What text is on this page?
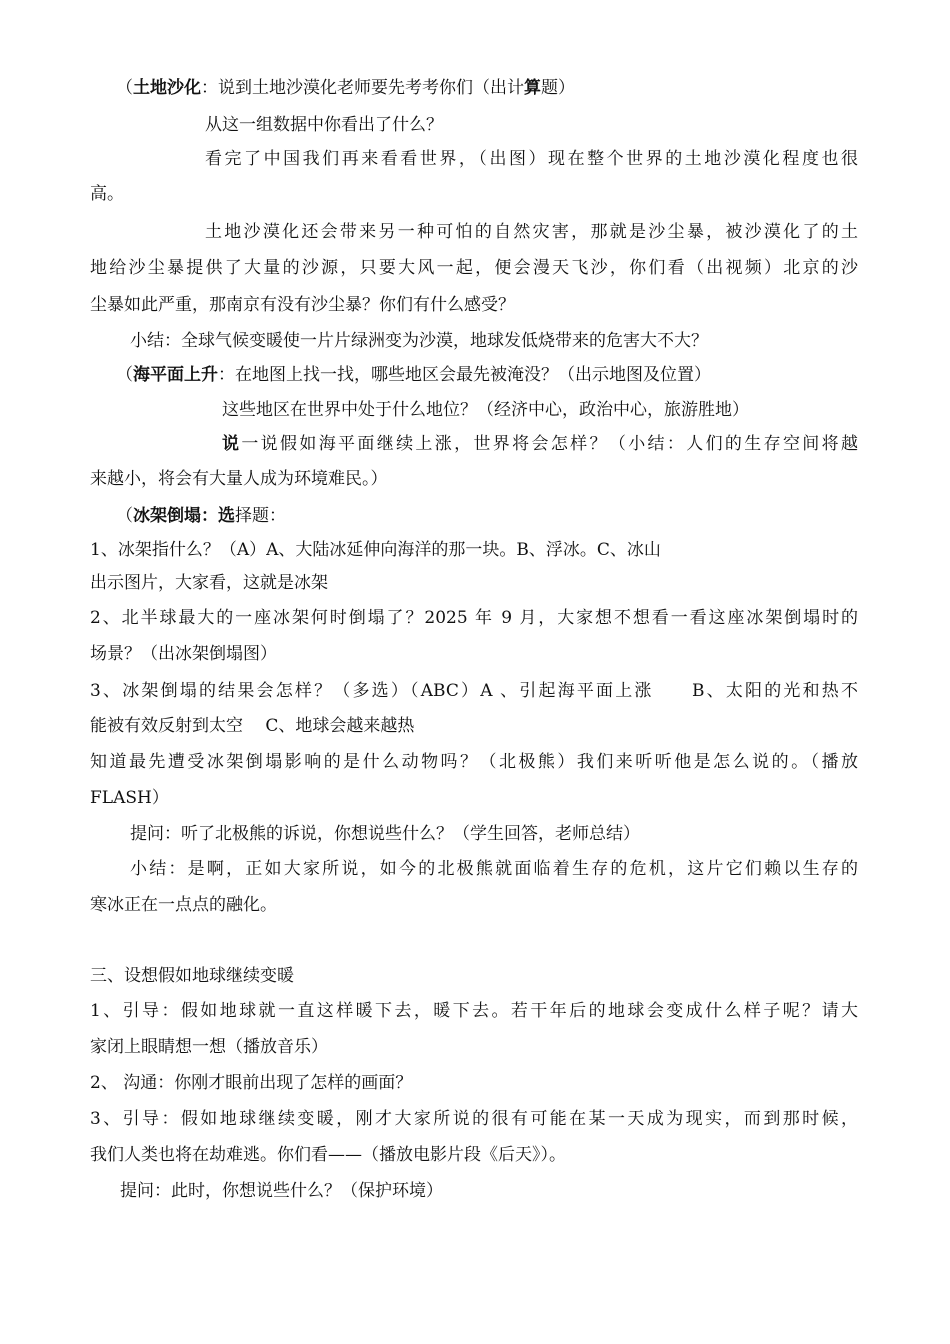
（土地沙化：说到土地沙漠化老师要先考考你们（出计算题）
从这一组数据中你看出了什么？
看完了中国我们再来看看世界，（出图）现在整个世界的土地沙漠化程度也很
高。
土地沙漠化还会带来另一种可怕的自然灾害，那就是沙尘暴，被沙漠化了的土
地给沙尘暴提供了大量的沙源，只要大风一起，便会漫天飞沙，你们看（出视频）北京的沙
尘暴如此严重，那南京有没有沙尘暴？你们有什么感受？
小结：全球气候变暖使一片片绿洲变为沙漠，地球发低烧带来的危害大不大？
（海平面上升：在地图上找一找，哪些地区会最先被淹没？（出示地图及位置）
这些地区在世界中处于什么地位？（经济中心，政治中心，旅游胜地）
说一说假如海平面继续上涨，世界将会怎样？（小结：人们的生存空间将越
来越小，将会有大量人成为环境难民。）
（冰架倒塌：选择题：
1、冰架指什么？（A）A、大陆冰延伸向海洋的那一块。B、浮冰。C、冰山
出示图片，大家看，这就是冰架
2、北半球最大的一座冰架何时倒塌了？2025 年 9 月，大家想不想看一看这座冰架倒塌时的
场景？（出冰架倒塌图）
3、冰架倒塌的结果会怎样？（多选）（ABC）A 、引起海平面上涨　　B、太阳的光和热不
能被有效反射到太空　 C、地球会越来越热
知道最先遭受冰架倒塌影响的是什么动物吗？（北极熊）我们来听听他是怎么说的。（播放
FLASH）
提问：听了北极熊的诉说，你想说些什么？（学生回答，老师总结）
小结：是啊，正如大家所说，如今的北极熊就面临着生存的危机，这片它们赖以生存的
寒冰正在一点点的融化。
三、设想假如地球继续变暖
1、引导：假如地球就一直这样暖下去，暖下去。若干年后的地球会变成什么样子呢？请大
家闭上眼睛想一想（播放音乐）
2、 沟通：你刚才眼前出现了怎样的画面？
3、引导：假如地球继续变暖，刚才大家所说的很有可能在某一天成为现实，而到那时候，
我们人类也将在劫难逃。你们看——（播放电影片段《后天》）。
提问：此时，你想说些什么？（保护环境）
